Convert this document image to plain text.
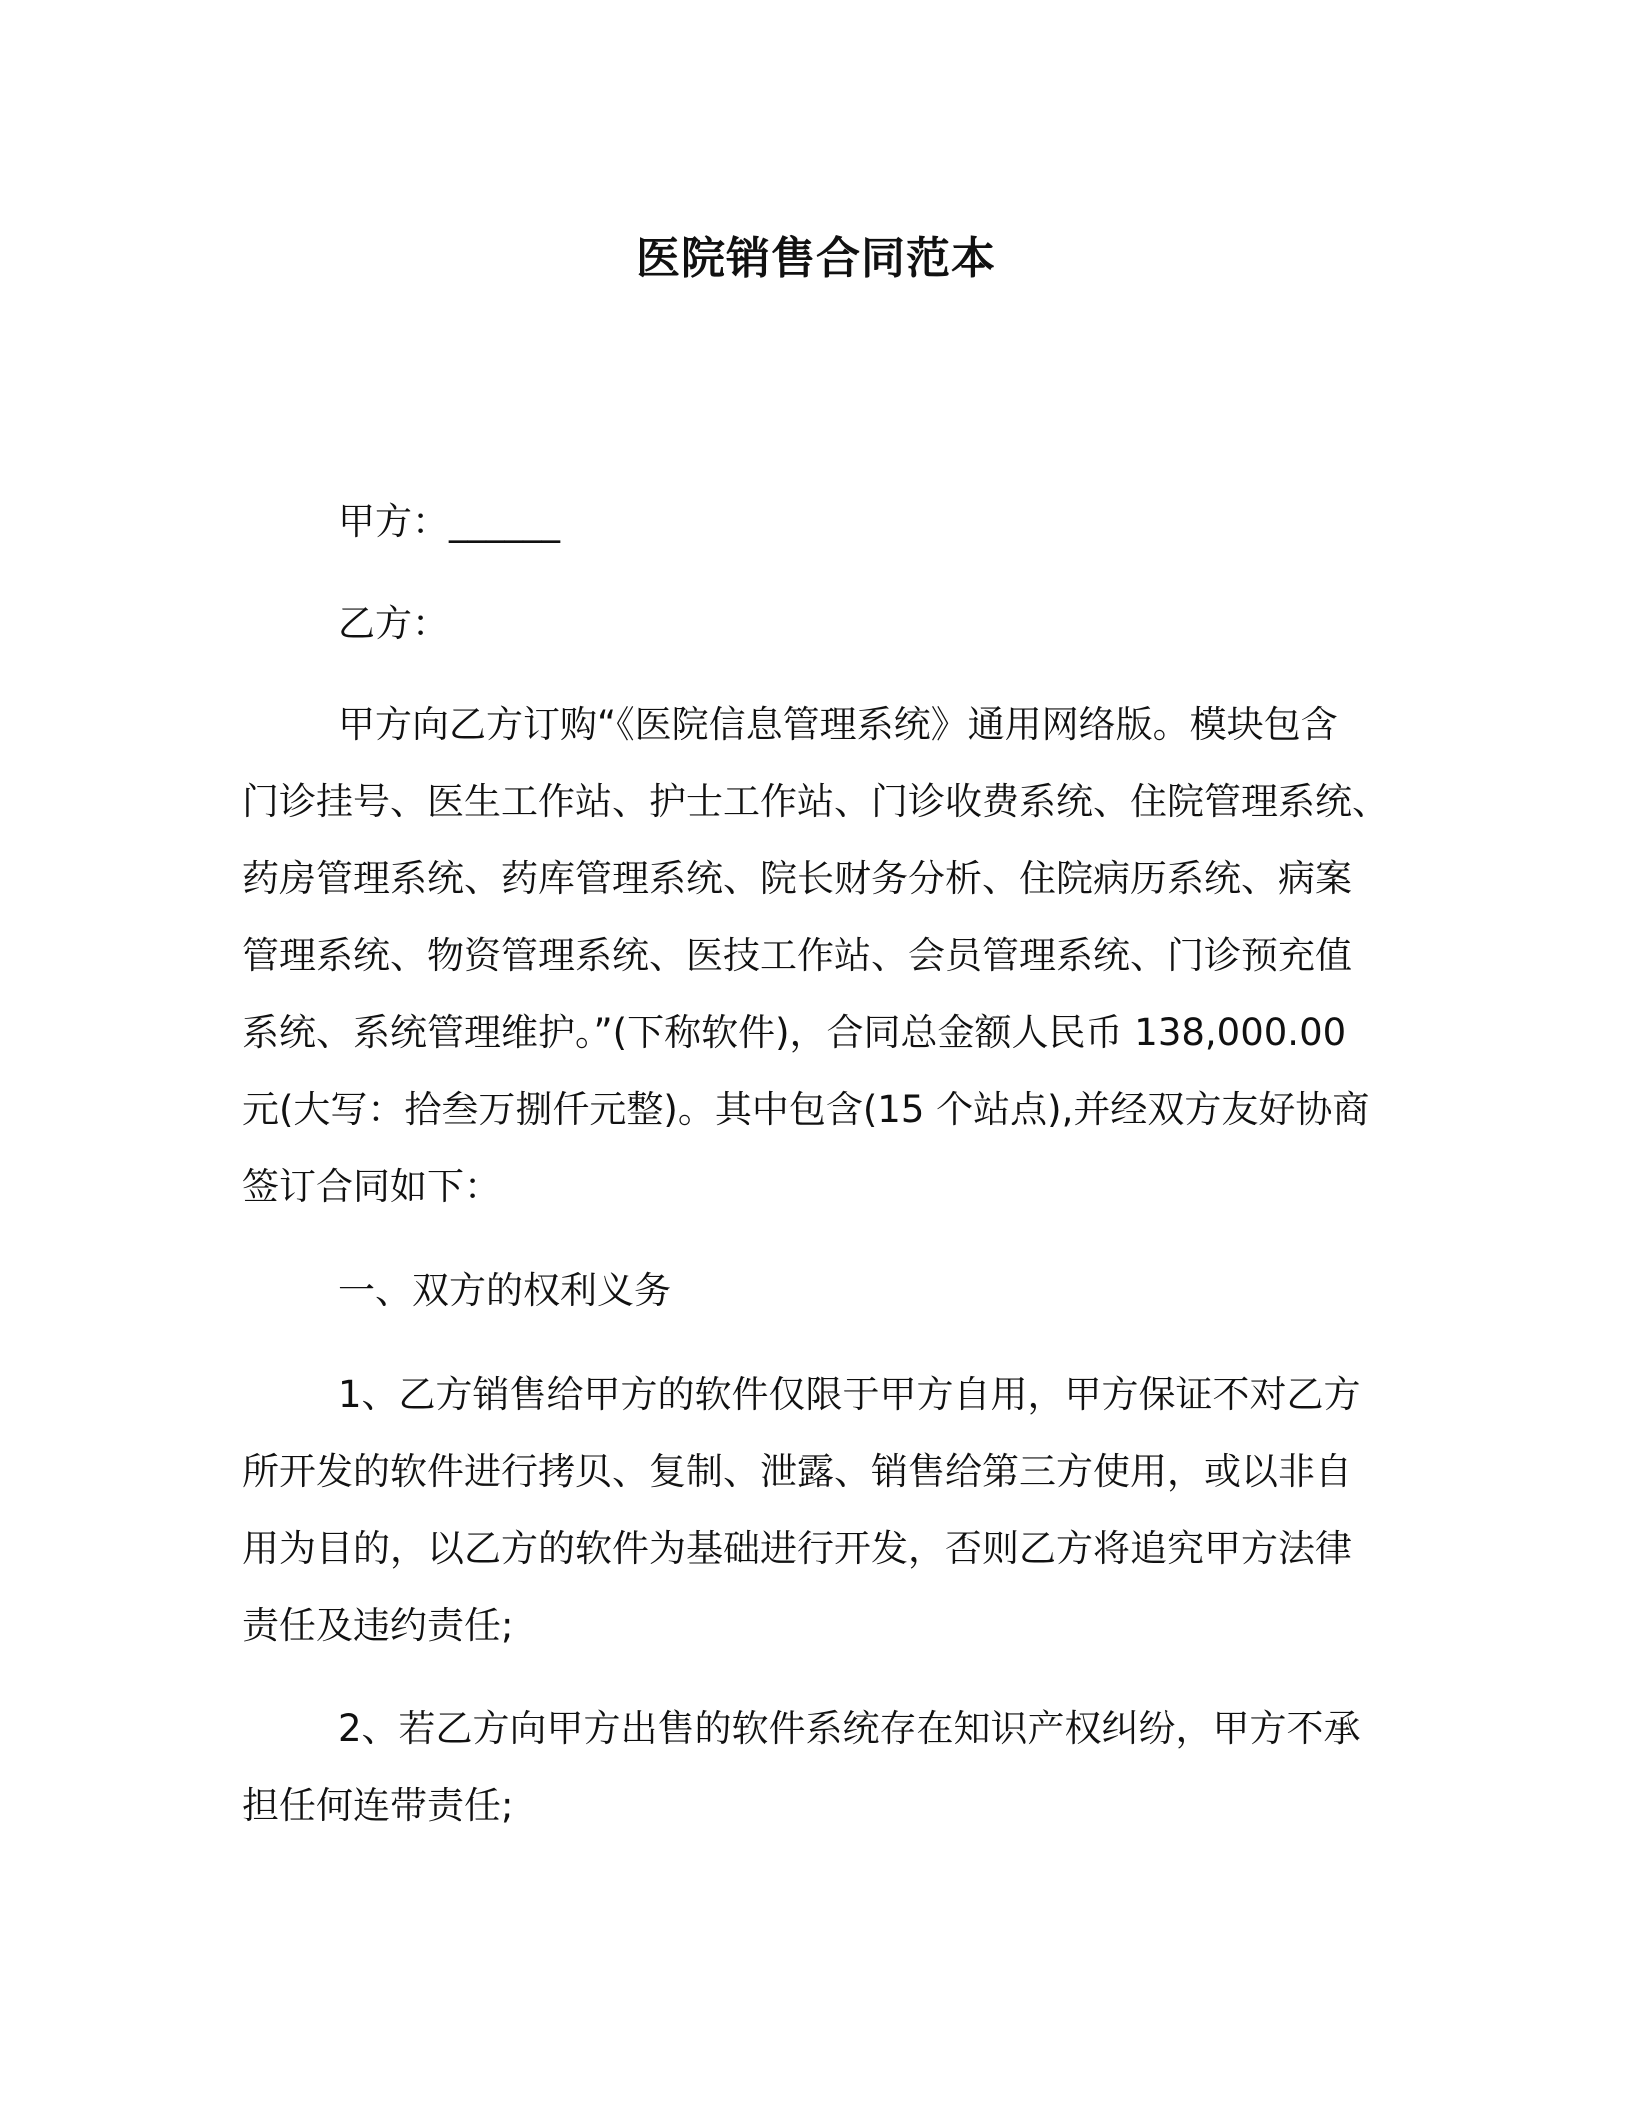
医院销售合同范本
甲方：______
乙方：
甲方向乙方订购“《医院信息管理系统》通用网络版。模块包含
门诊挂号、医生工作站、护士工作站、门诊收费系统、住院管理系统、
药房管理系统、药库管理系统、院长财务分析、住院病历系统、病案
管理系统、物资管理系统、医技工作站、会员管理系统、门诊预充值
系统、系统管理维护。”(下称软件)，合同总金额人民币 138,000.00
元(大写：拾叁万捌仟元整)。其中包含(15 个站点),并经双方友好协商
签订合同如下：
一、双方的权利义务
1、乙方销售给甲方的软件仅限于甲方自用，甲方保证不对乙方
所开发的软件进行拷贝、复制、泄露、销售给第三方使用，或以非自
用为目的，以乙方的软件为基础进行开发，否则乙方将追究甲方法律
责任及违约责任;
2、若乙方向甲方出售的软件系统存在知识产权纠纷，甲方不承
担任何连带责任;
